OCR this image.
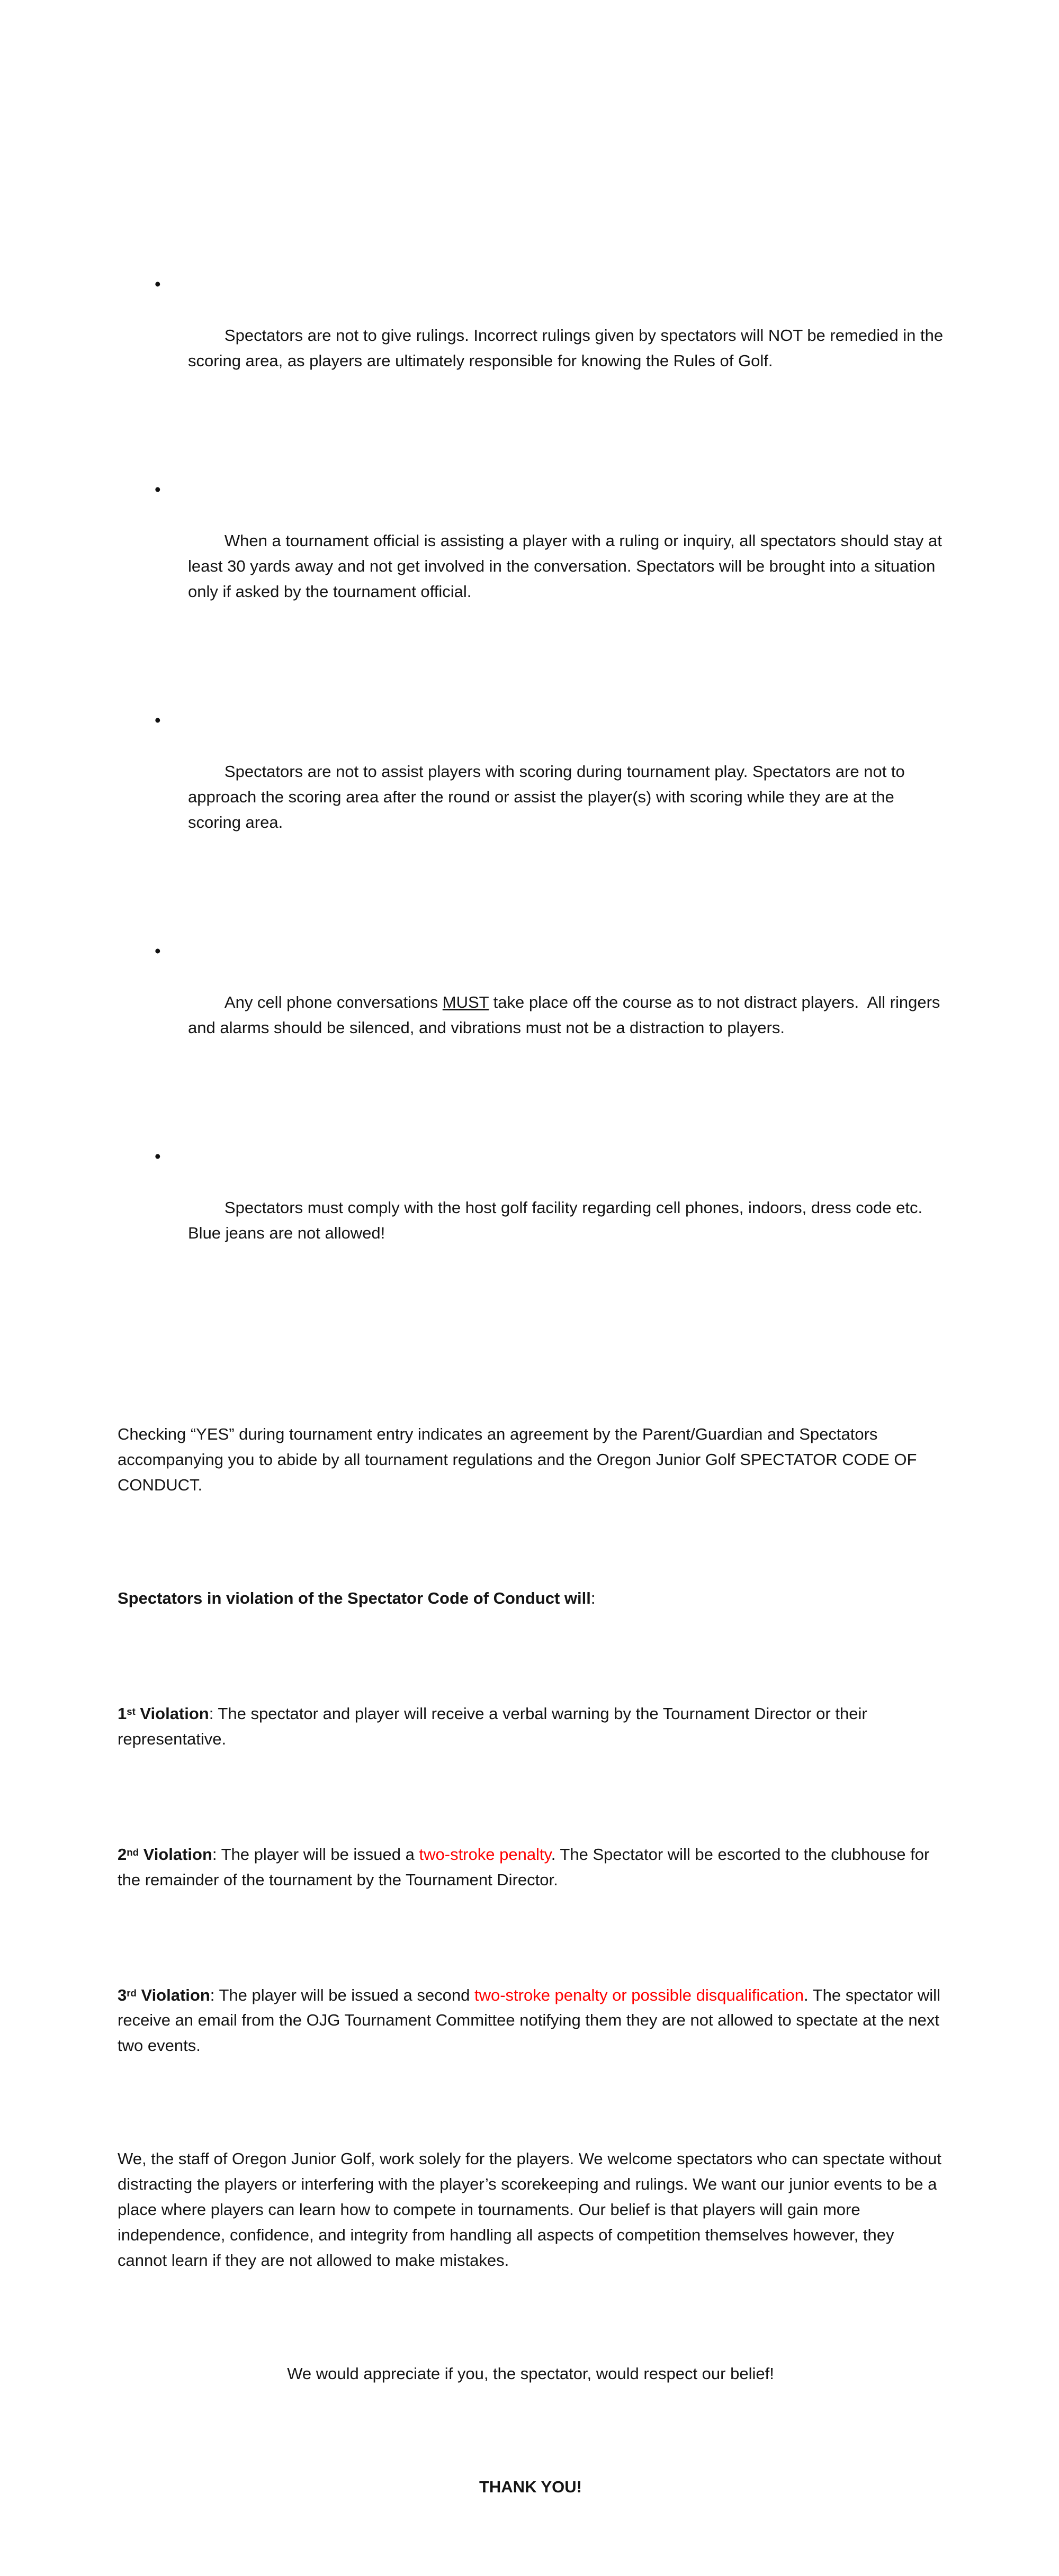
•

Spectators are not to give rulings. Incorrect rulings given by spectators will NOT be remedied in the scoring area, as players are ultimately responsible for knowing the Rules of Golf.

•

When a tournament official is assisting a player with a ruling or inquiry, all spectators should stay at least 30 yards away and not get involved in the conversation. Spectators will be brought into a situation only if asked by the tournament official.

•

Spectators are not to assist players with scoring during tournament play. Spectators are not to approach the scoring area after the round or assist the player(s) with scoring while they are at the scoring area.

•

Any cell phone conversations MUST take place off the course as to not distract players.  All ringers and alarms should be silenced, and vibrations must not be a distraction to players.

•

Spectators must comply with the host golf facility regarding cell phones, indoors, dress code etc. Blue jeans are not allowed!

Checking “YES” during tournament entry indicates an agreement by the Parent/Guardian and Spectators accompanying you to abide by all tournament regulations and the Oregon Junior Golf SPECTATOR CODE OF CONDUCT.

Spectators in violation of the Spectator Code of Conduct will:

1st Violation: The spectator and player will receive a verbal warning by the Tournament Director or their representative.

2nd Violation: The player will be issued a two-stroke penalty. The Spectator will be escorted to the clubhouse for the remainder of the tournament by the Tournament Director.

3rd Violation: The player will be issued a second two-stroke penalty or possible disqualification. The spectator will receive an email from the OJG Tournament Committee notifying them they are not allowed to spectate at the next two events.

We, the staff of Oregon Junior Golf, work solely for the players. We welcome spectators who can spectate without distracting the players or interfering with the player’s scorekeeping and rulings. We want our junior events to be a place where players can learn how to compete in tournaments. Our belief is that players will gain more independence, confidence, and integrity from handling all aspects of competition themselves however, they cannot learn if they are not allowed to make mistakes.

We would appreciate if you, the spectator, would respect our belief!

THANK YOU!
